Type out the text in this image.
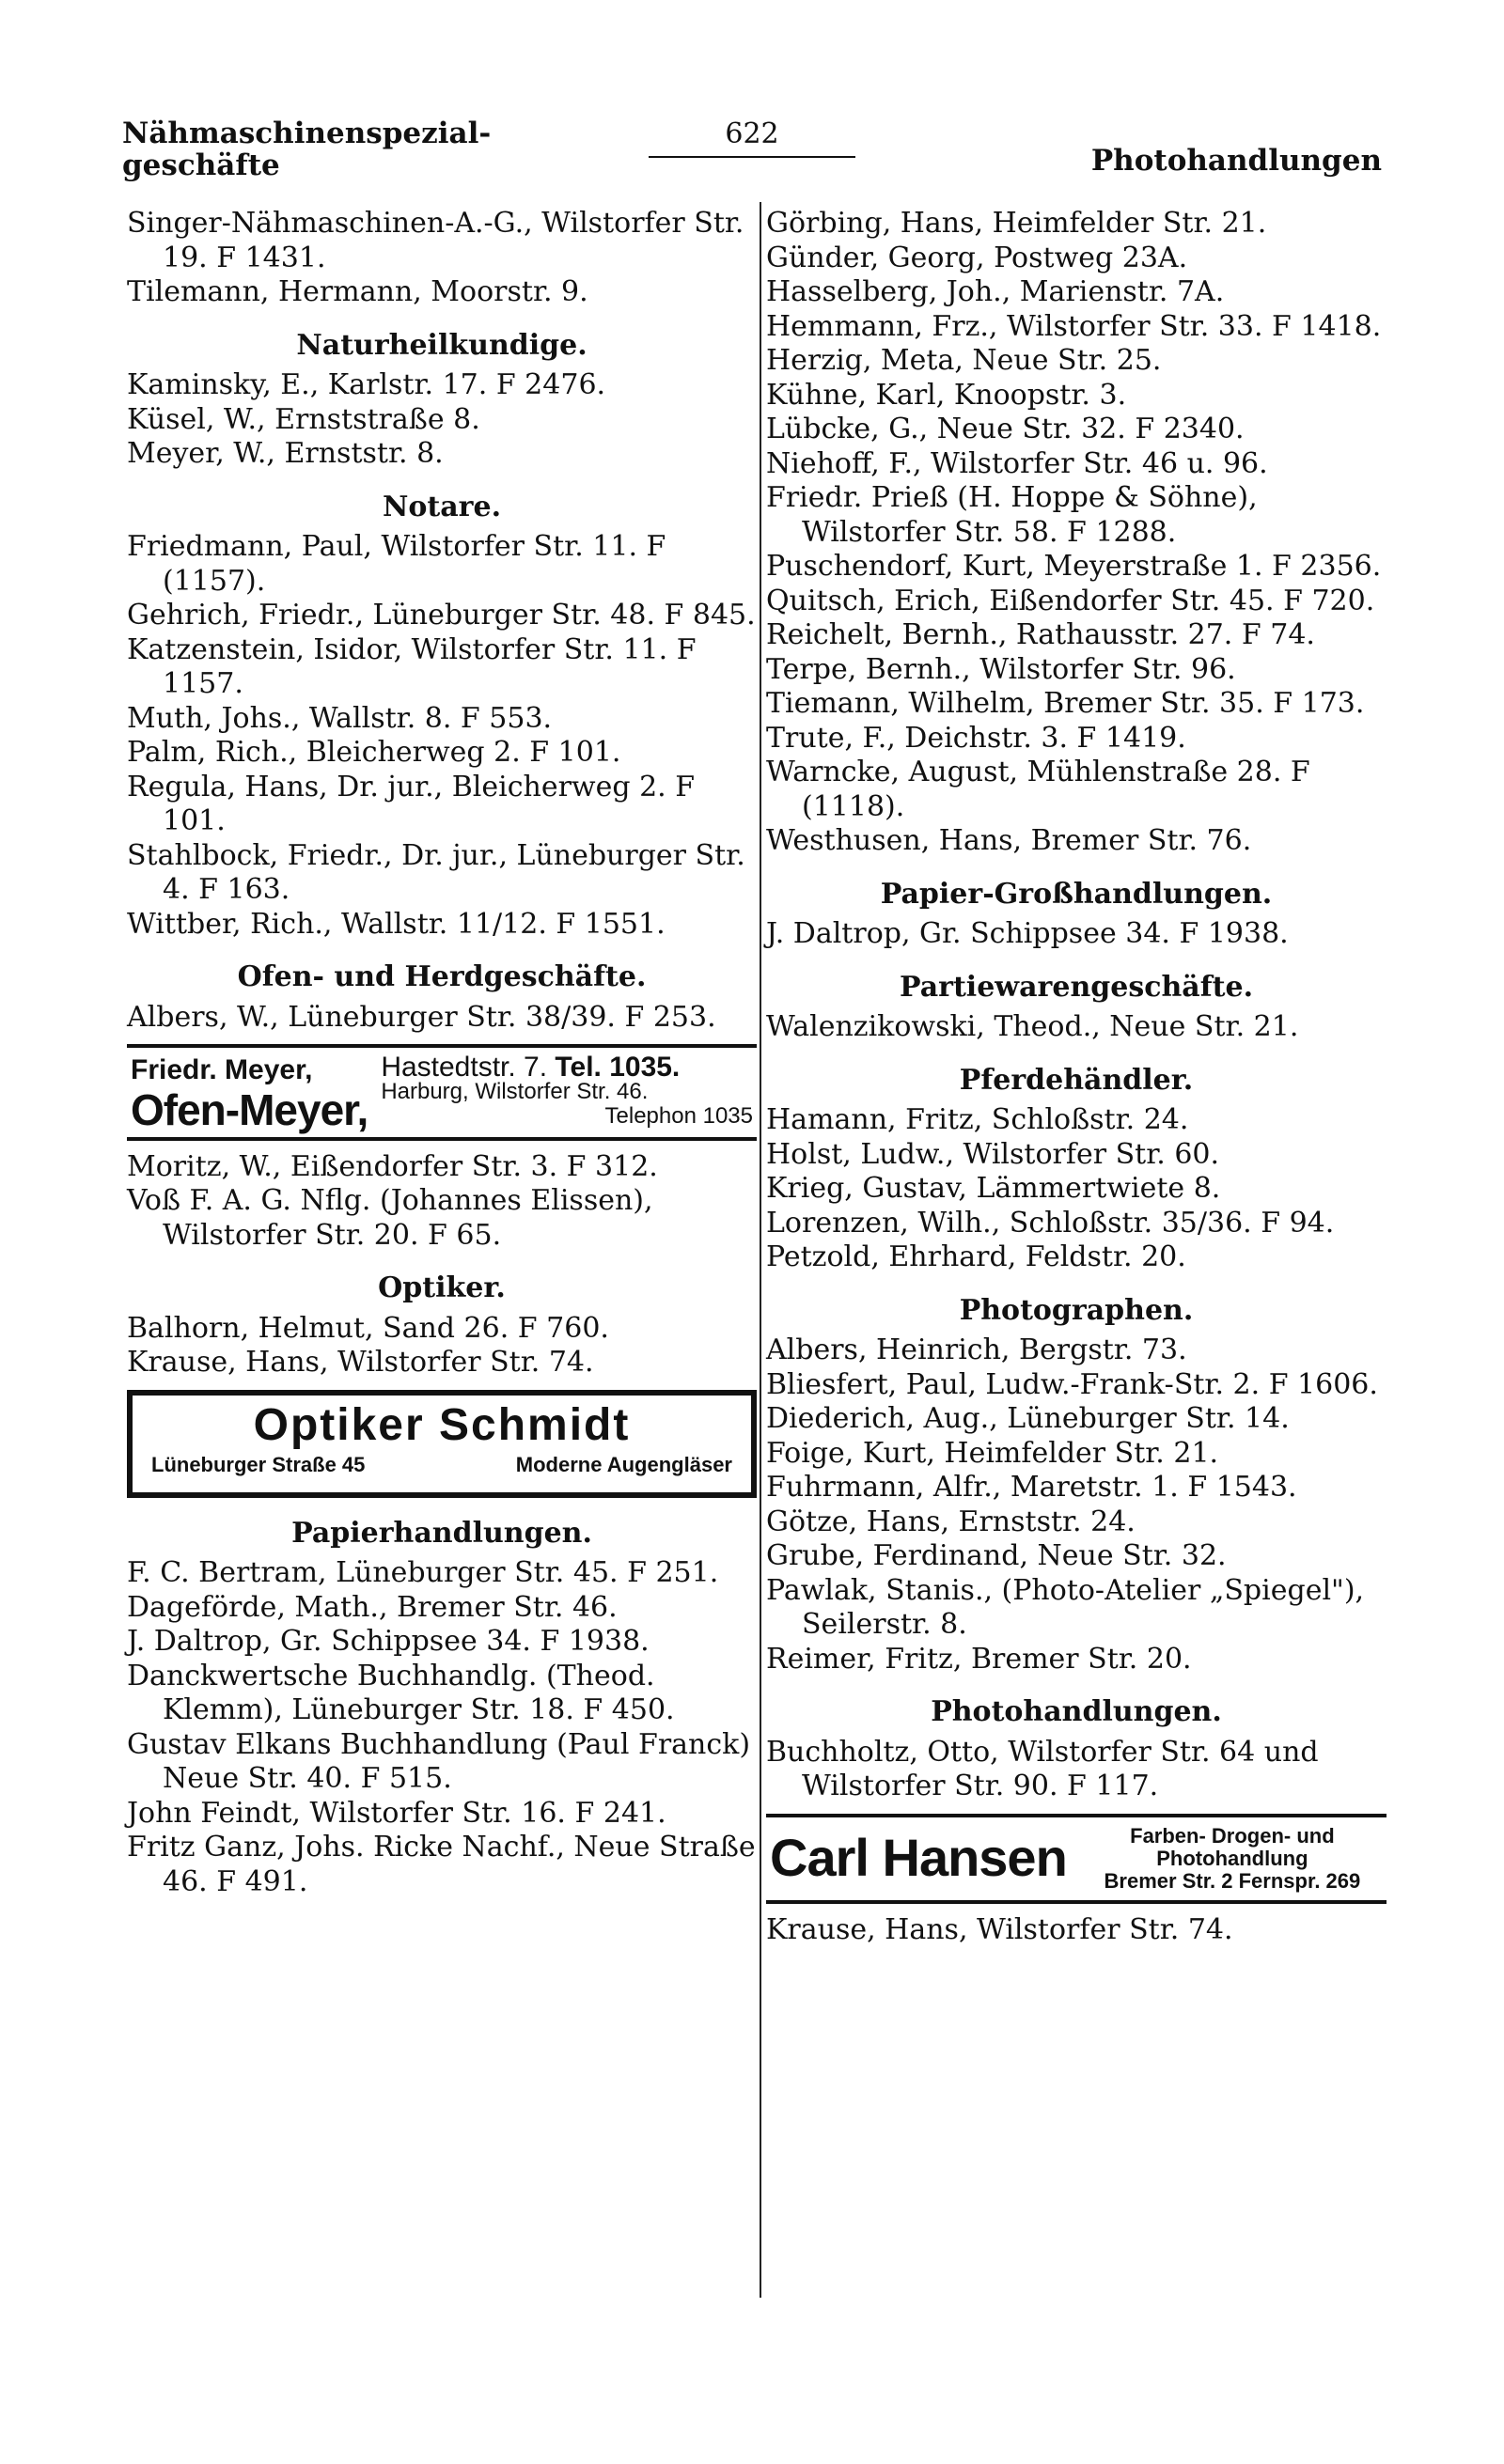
Nähmaschinenspezial-
geschäfte
622
Photohandlungen
Singer-Nähmaschinen-A.-G., Wilstorfer Str. 19. F 1431.
Tilemann, Hermann, Moorstr. 9.
Naturheilkundige.
Kaminsky, E., Karlstr. 17. F 2476.
Küsel, W., Ernststraße 8.
Meyer, W., Ernststr. 8.
Notare.
Friedmann, Paul, Wilstorfer Str. 11. F (1157).
Gehrich, Friedr., Lüneburger Str. 48. F 845.
Katzenstein, Isidor, Wilstorfer Str. 11. F 1157.
Muth, Johs., Wallstr. 8. F 553.
Palm, Rich., Bleicherweg 2. F 101.
Regula, Hans, Dr. jur., Bleicherweg 2. F 101.
Stahlbock, Friedr., Dr. jur., Lüneburger Str. 4. F 163.
Wittber, Rich., Wallstr. 11/12. F 1551.
Ofen- und Herdgeschäfte.
Albers, W., Lüneburger Str. 38/39. F 253.
Friedr. Meyer,
Ofen-Meyer,
Hastedtstr. 7. Tel. 1035.
Harburg, Wilstorfer Str. 46.
Telephon 1035
Moritz, W., Eißendorfer Str. 3. F 312.
Voß F. A. G. Nflg. (Johannes Elissen), Wilstorfer Str. 20. F 65.
Optiker.
Balhorn, Helmut, Sand 26. F 760.
Krause, Hans, Wilstorfer Str. 74.
Optiker Schmidt
Lüneburger Straße 45	Moderne Augengläser
Papierhandlungen.
F. C. Bertram, Lüneburger Str. 45. F 251.
Dageförde, Math., Bremer Str. 46.
J. Daltrop, Gr. Schippsee 34. F 1938.
Danckwertsche Buchhandlg. (Theod. Klemm), Lüneburger Str. 18. F 450.
Gustav Elkans Buchhandlung (Paul Franck) Neue Str. 40. F 515.
John Feindt, Wilstorfer Str. 16. F 241.
Fritz Ganz, Johs. Ricke Nachf., Neue Straße 46. F 491.
Görbing, Hans, Heimfelder Str. 21.
Günder, Georg, Postweg 23A.
Hasselberg, Joh., Marienstr. 7A.
Hemmann, Frz., Wilstorfer Str. 33. F 1418.
Herzig, Meta, Neue Str. 25.
Kühne, Karl, Knoopstr. 3.
Lübcke, G., Neue Str. 32. F 2340.
Niehoff, F., Wilstorfer Str. 46 u. 96.
Friedr. Prieß (H. Hoppe & Söhne), Wilstorfer Str. 58. F 1288.
Puschendorf, Kurt, Meyerstraße 1. F 2356.
Quitsch, Erich, Eißendorfer Str. 45. F 720.
Reichelt, Bernh., Rathausstr. 27. F 74.
Terpe, Bernh., Wilstorfer Str. 96.
Tiemann, Wilhelm, Bremer Str. 35. F 173.
Trute, F., Deichstr. 3. F 1419.
Warncke, August, Mühlenstraße 28. F (1118).
Westhusen, Hans, Bremer Str. 76.
Papier-Großhandlungen.
J. Daltrop, Gr. Schippsee 34. F 1938.
Partiewarengeschäfte.
Walenzikowski, Theod., Neue Str. 21.
Pferdehändler.
Hamann, Fritz, Schloßstr. 24.
Holst, Ludw., Wilstorfer Str. 60.
Krieg, Gustav, Lämmertwiete 8.
Lorenzen, Wilh., Schloßstr. 35/36. F 94.
Petzold, Ehrhard, Feldstr. 20.
Photographen.
Albers, Heinrich, Bergstr. 73.
Bliesfert, Paul, Ludw.-Frank-Str. 2. F 1606.
Diederich, Aug., Lüneburger Str. 14.
Foige, Kurt, Heimfelder Str. 21.
Fuhrmann, Alfr., Maretstr. 1. F 1543.
Götze, Hans, Ernststr. 24.
Grube, Ferdinand, Neue Str. 32.
Pawlak, Stanis., (Photo-Atelier „Spiegel"), Seilerstr. 8.
Reimer, Fritz, Bremer Str. 20.
Photohandlungen.
Buchholtz, Otto, Wilstorfer Str. 64 und Wilstorfer Str. 90. F 117.
Carl Hansen	Farben- Drogen- und
Photohandlung
Bremer Str. 2 Fernspr. 269
Krause, Hans, Wilstorfer Str. 74.
